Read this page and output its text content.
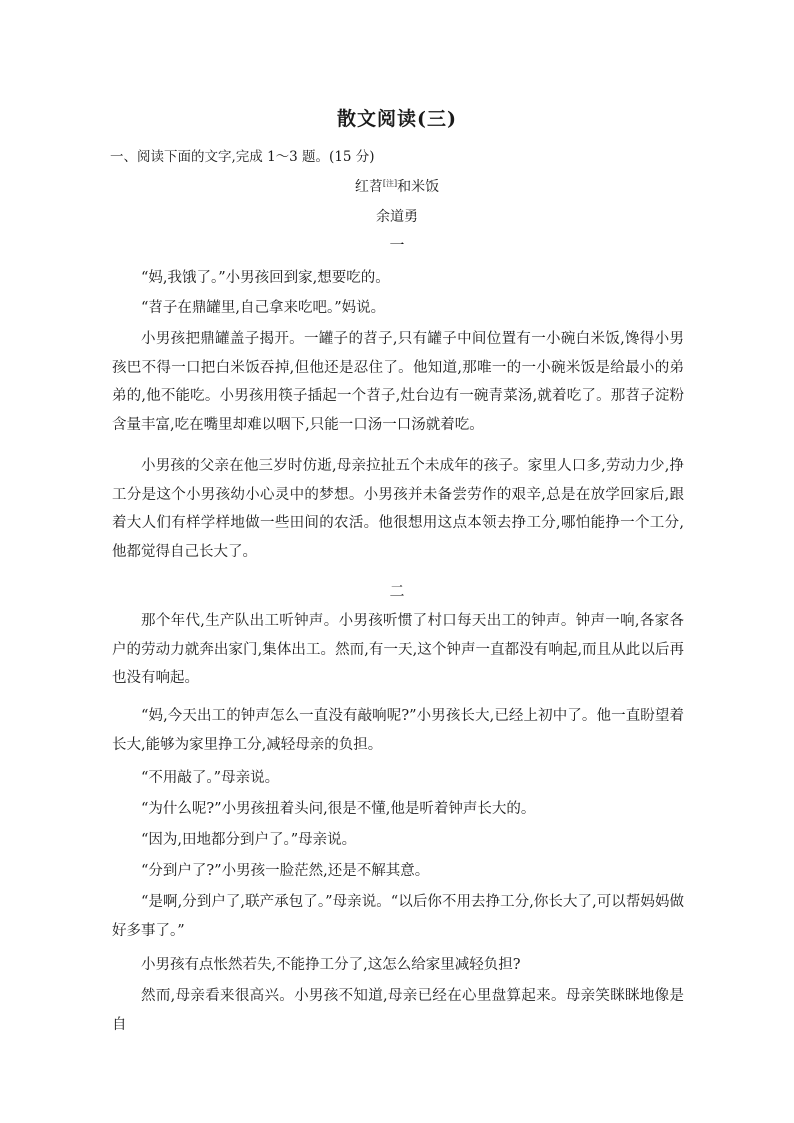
散文阅读(三)
一、阅读下面的文字,完成 1～3 题。(15 分)
红苕[注]和米饭
余道勇
一

“妈,我饿了。”小男孩回到家,想要吃的。

“苕子在鼎罐里,自己拿来吃吧。”妈说。

小男孩把鼎罐盖子揭开。一罐子的苕子,只有罐子中间位置有一小碗白米饭,馋得小男孩巴不得一口把白米饭吞掉,但他还是忍住了。他知道,那唯一的一小碗米饭是给最小的弟弟的,他不能吃。小男孩用筷子插起一个苕子,灶台边有一碗青菜汤,就着吃了。那苕子淀粉含量丰富,吃在嘴里却难以咽下,只能一口汤一口汤就着吃。

小男孩的父亲在他三岁时仿逝,母亲拉扯五个未成年的孩子。家里人口多,劳动力少,挣工分是这个小男孩幼小心灵中的梦想。小男孩并未备尝劳作的艰辛,总是在放学回家后,跟着大人们有样学样地做一些田间的农活。他很想用这点本领去挣工分,哪怕能挣一个工分,他都觉得自己长大了。

二

那个年代,生产队出工听钟声。小男孩听惯了村口每天出工的钟声。钟声一响,各家各户的劳动力就奔出家门,集体出工。然而,有一天,这个钟声一直都没有响起,而且从此以后再也没有响起。

“妈,今天出工的钟声怎么一直没有敲响呢?”小男孩长大,已经上初中了。他一直盼望着长大,能够为家里挣工分,减轻母亲的负担。

“不用敲了。”母亲说。

“为什么呢?”小男孩扭着头问,很是不懂,他是听着钟声长大的。

“因为,田地都分到户了。”母亲说。

“分到户了?”小男孩一脸茫然,还是不解其意。

“是啊,分到户了,联产承包了。”母亲说。“以后你不用去挣工分,你长大了,可以帮妈妈做好多事了。”

小男孩有点怅然若失,不能挣工分了,这怎么给家里减轻负担?

然而,母亲看来很高兴。小男孩不知道,母亲已经在心里盘算起来。母亲笑眯眯地像是自
